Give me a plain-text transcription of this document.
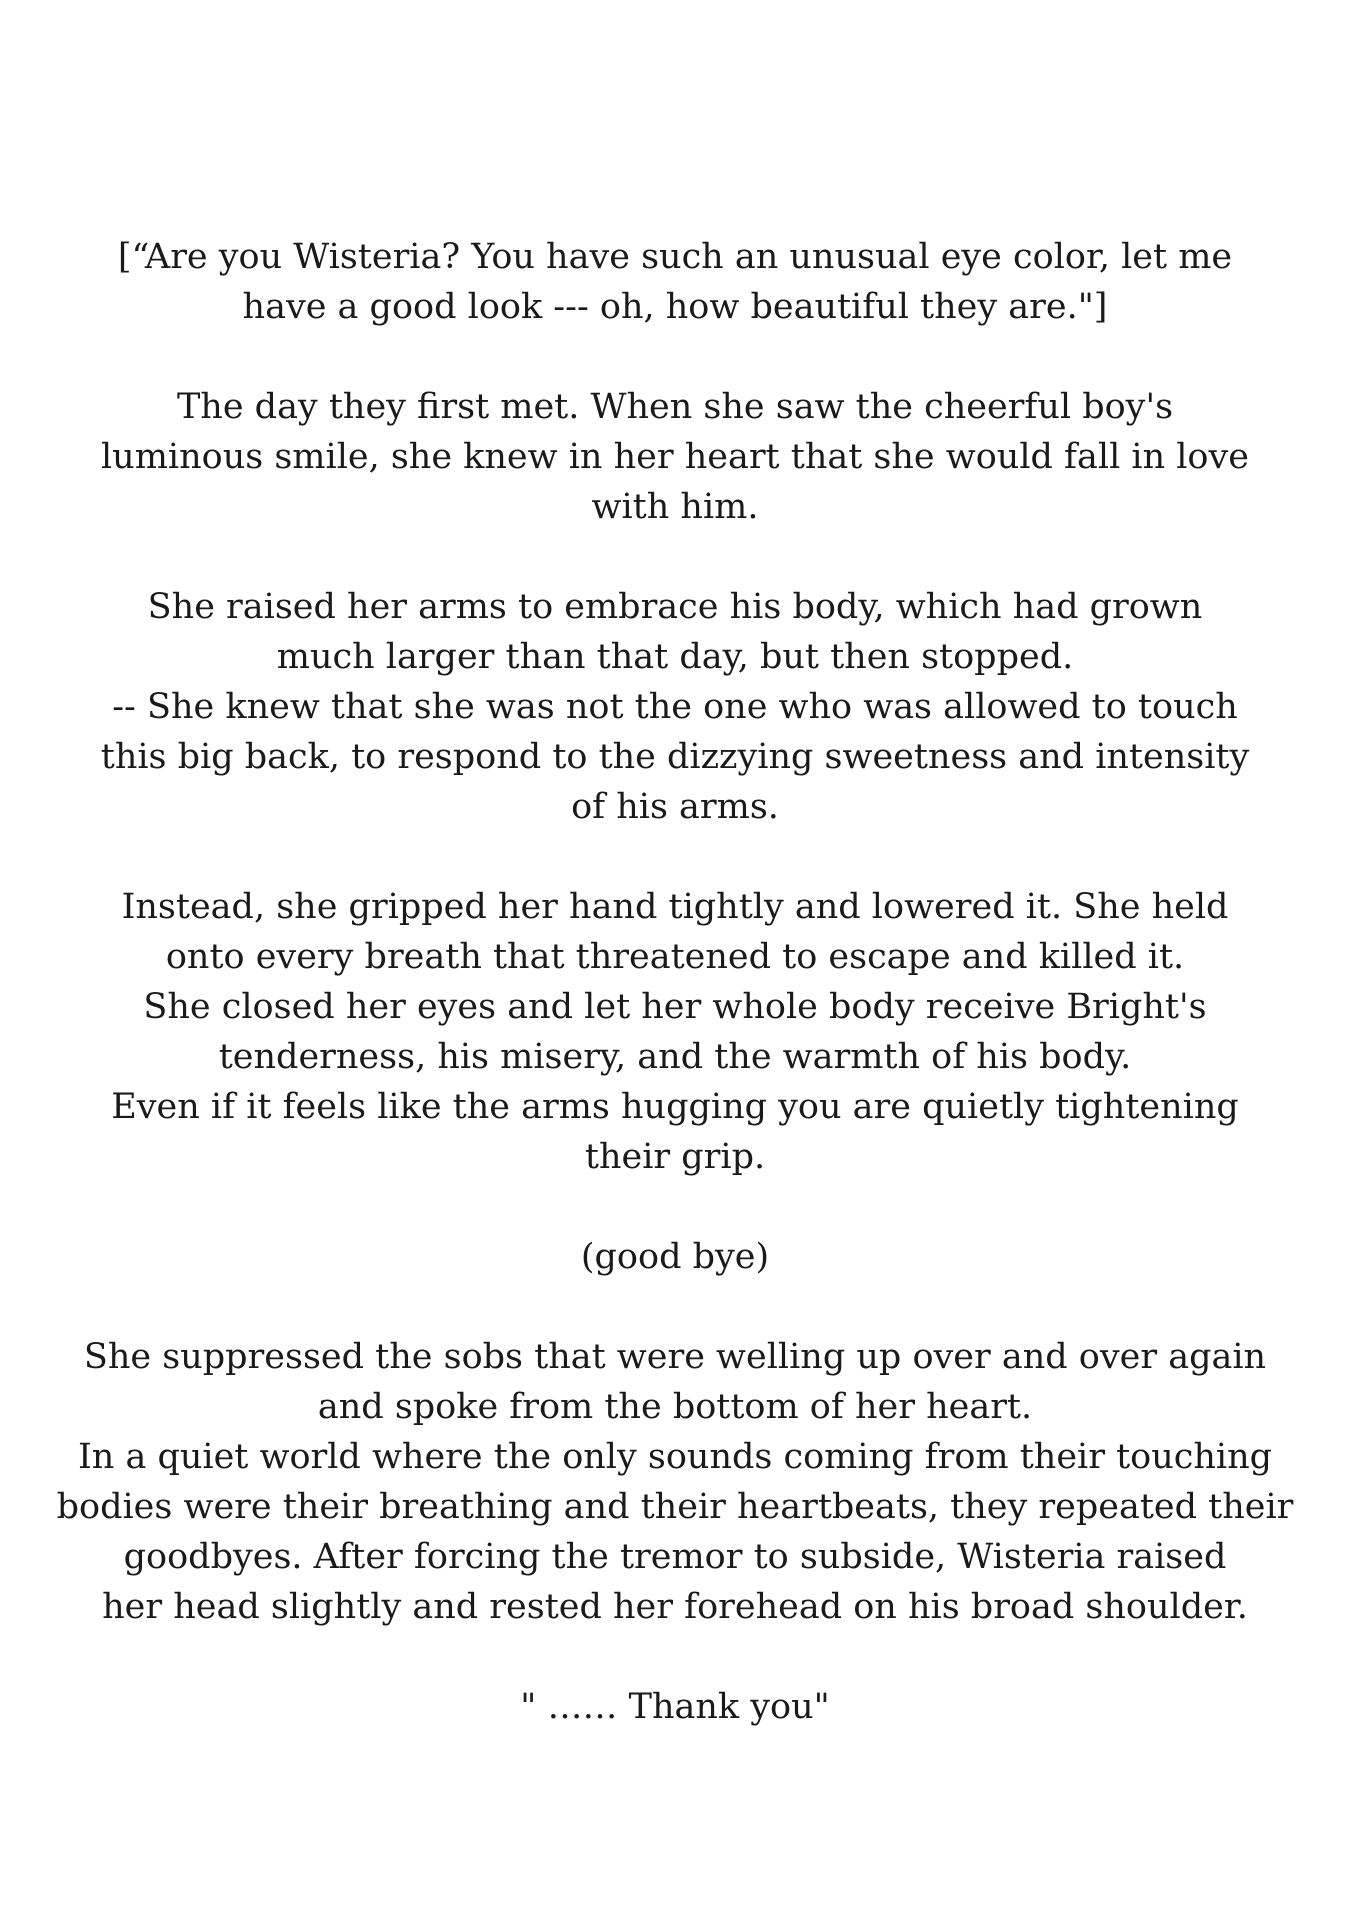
[“Are you Wisteria? You have such an unusual eye color, let me
have a good look --- oh, how beautiful they are."]

The day they first met. When she saw the cheerful boy's
luminous smile, she knew in her heart that she would fall in love
with him.

She raised her arms to embrace his body, which had grown
much larger than that day, but then stopped.
-- She knew that she was not the one who was allowed to touch
this big back, to respond to the dizzying sweetness and intensity
of his arms.

Instead, she gripped her hand tightly and lowered it. She held
onto every breath that threatened to escape and killed it.
She closed her eyes and let her whole body receive Bright's
tenderness, his misery, and the warmth of his body.
Even if it feels like the arms hugging you are quietly tightening
their grip.

(good bye)

She suppressed the sobs that were welling up over and over again
and spoke from the bottom of her heart.
In a quiet world where the only sounds coming from their touching
bodies were their breathing and their heartbeats, they repeated their
goodbyes. After forcing the tremor to subside, Wisteria raised
her head slightly and rested her forehead on his broad shoulder.

" …… Thank you"
